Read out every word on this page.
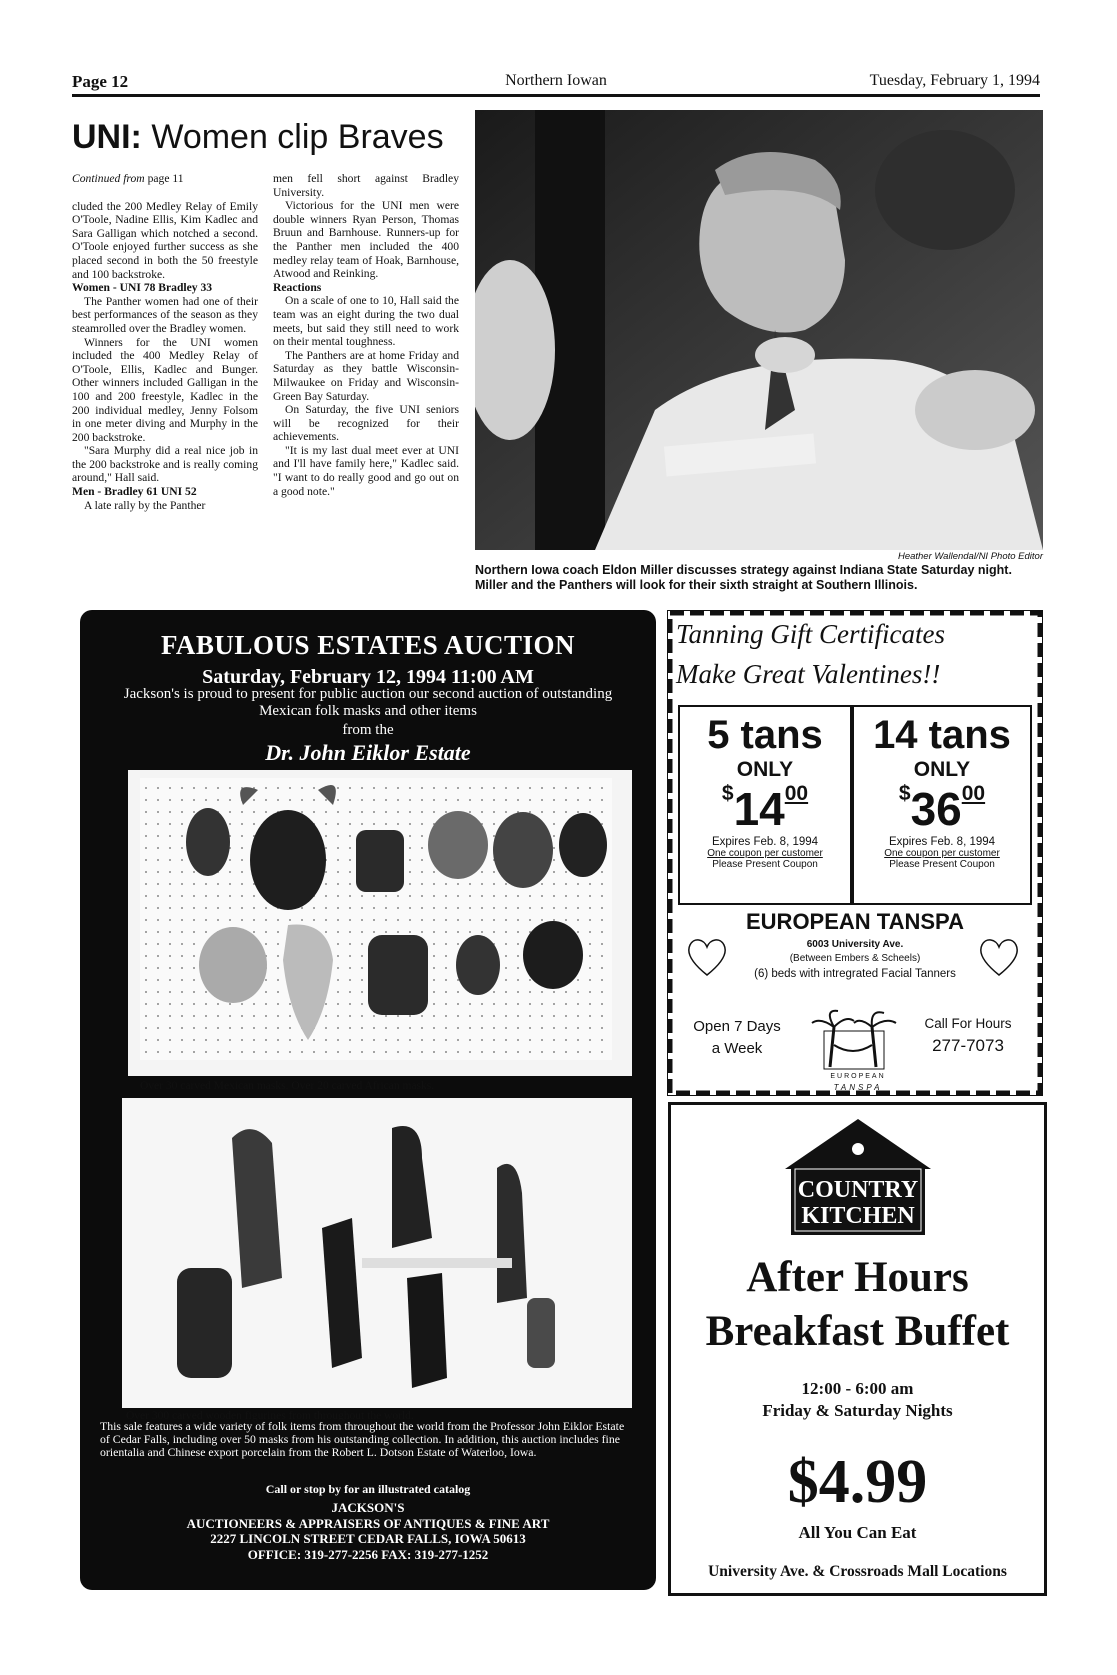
Page 12	Northern Iowan	Tuesday, February 1, 1994
UNI: Women clip Braves
Continued from page 11

cluded the 200 Medley Relay of Emily O'Toole, Nadine Ellis, Kim Kadlec and Sara Galligan which notched a second. O'Toole enjoyed further success as she placed second in both the 50 freestyle and 100 backstroke.

Women - UNI 78 Bradley 33

The Panther women had one of their best performances of the season as they steamrolled over the Bradley women.

Winners for the UNI women included the 400 Medley Relay of O'Toole, Ellis, Kadlec and Bunger. Other winners included Galligan in the 100 and 200 freestyle, Kadlec in the 200 individual medley, Jenny Folsom in one meter diving and Murphy in the 200 backstroke.

"Sara Murphy did a real nice job in the 200 backstroke and is really coming around," Hall said.

Men - Bradley 61 UNI 52

A late rally by the Panther

men fell short against Bradley University.

Victorious for the UNI men were double winners Ryan Person, Thomas Bruun and Barnhouse. Runners-up for the Panther men included the 400 medley relay team of Hoak, Barnhouse, Atwood and Reinking.

Reactions

On a scale of one to 10, Hall said the team was an eight during the two dual meets, but said they still need to work on their mental toughness.

The Panthers are at home Friday and Saturday as they battle Wisconsin-Milwaukee on Friday and Wisconsin-Green Bay Saturday.

On Saturday, the five UNI seniors will be recognized for their achievements.

"It is my last dual meet ever at UNI and I'll have family here," Kadlec said. "I want to do really good and go out on a good note."

Heather Wallendal/NI Photo Editor
Northern Iowa coach Eldon Miller discusses strategy against Indiana State Saturday night. Miller and the Panthers will look for their sixth straight at Southern Illinois.
FABULOUS ESTATES AUCTION
Saturday, February 12, 1994 11:00 AM
Jackson's is proud to present for public auction our second auction of outstanding Mexican folk masks and other items
from the
Dr. John Eiklor Estate
Over 30 carved Mexican masks. Over 20 carved African masks.
Over 300 carved wooden figurines from throughout the world.
This sale features a wide variety of folk items from throughout the world from the Professor John Eiklor Estate of Cedar Falls, including over 50 masks from his outstanding collection. In addition, this auction includes fine orientalia and Chinese export porcelain from the Robert L. Dotson Estate of Waterloo, Iowa.
Call or stop by for an illustrated catalog
JACKSON'S
AUCTIONEERS & APPRAISERS OF ANTIQUES & FINE ART
2227 LINCOLN STREET CEDAR FALLS, IOWA 50613
OFFICE: 319-277-2256 FAX: 319-277-1252
Tanning Gift Certificates
Make Great Valentines!!
5 tans
ONLY
$1400
Expires Feb. 8, 1994
One coupon per customer
Please Present Coupon
14 tans
ONLY
$3600
Expires Feb. 8, 1994
One coupon per customer
Please Present Coupon
EUROPEAN TANSPA
6003 University Ave.
(Between Embers & Scheels)
(6) beds with intregrated Facial Tanners
Open 7 Days
a Week
EUROPEAN
TANSPA
Call For Hours
277-7073
COUNTRY
KITCHEN
After Hours
Breakfast Buffet
12:00 - 6:00 am
Friday & Saturday Nights
$4.99
All You Can Eat
University Ave. & Crossroads Mall Locations
